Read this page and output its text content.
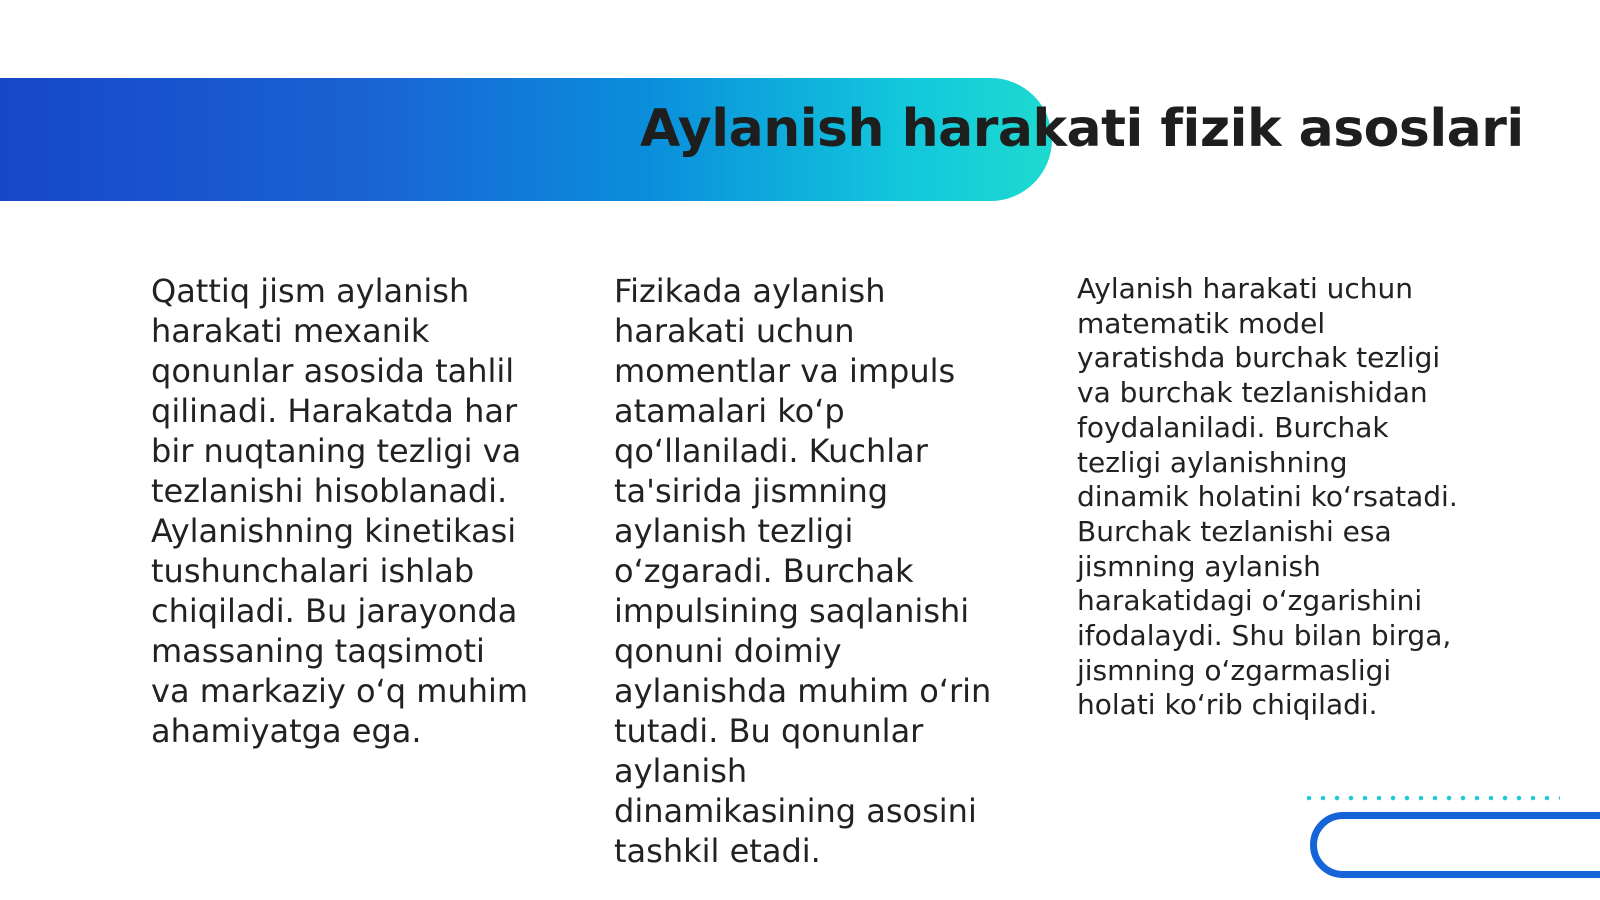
Aylanish harakati fizik asoslari

Qattiq jism aylanish harakati mexanik qonunlar asosida tahlil qilinadi. Harakatda har bir nuqtaning tezligi va tezlanishi hisoblanadi. Aylanishning kinetikasi tushunchalari ishlab chiqiladi. Bu jarayonda massaning taqsimoti va markaziy o‘q muhim ahamiyatga ega.

Fizikada aylanish harakati uchun momentlar va impuls atamalari ko‘p qo‘llaniladi. Kuchlar ta'sirida jismning aylanish tezligi o‘zgaradi. Burchak impulsining saqlanishi qonuni doimiy aylanishda muhim o‘rin tutadi. Bu qonunlar aylanish dinamikasining asosini tashkil etadi.

Aylanish harakati uchun matematik model yaratishda burchak tezligi va burchak tezlanishidan foydalaniladi. Burchak tezligi aylanishning dinamik holatini ko‘rsatadi. Burchak tezlanishi esa jismning aylanish harakatidagi o‘zgarishini ifodalaydi. Shu bilan birga, jismning o‘zgarmasligi holati ko‘rib chiqiladi.
